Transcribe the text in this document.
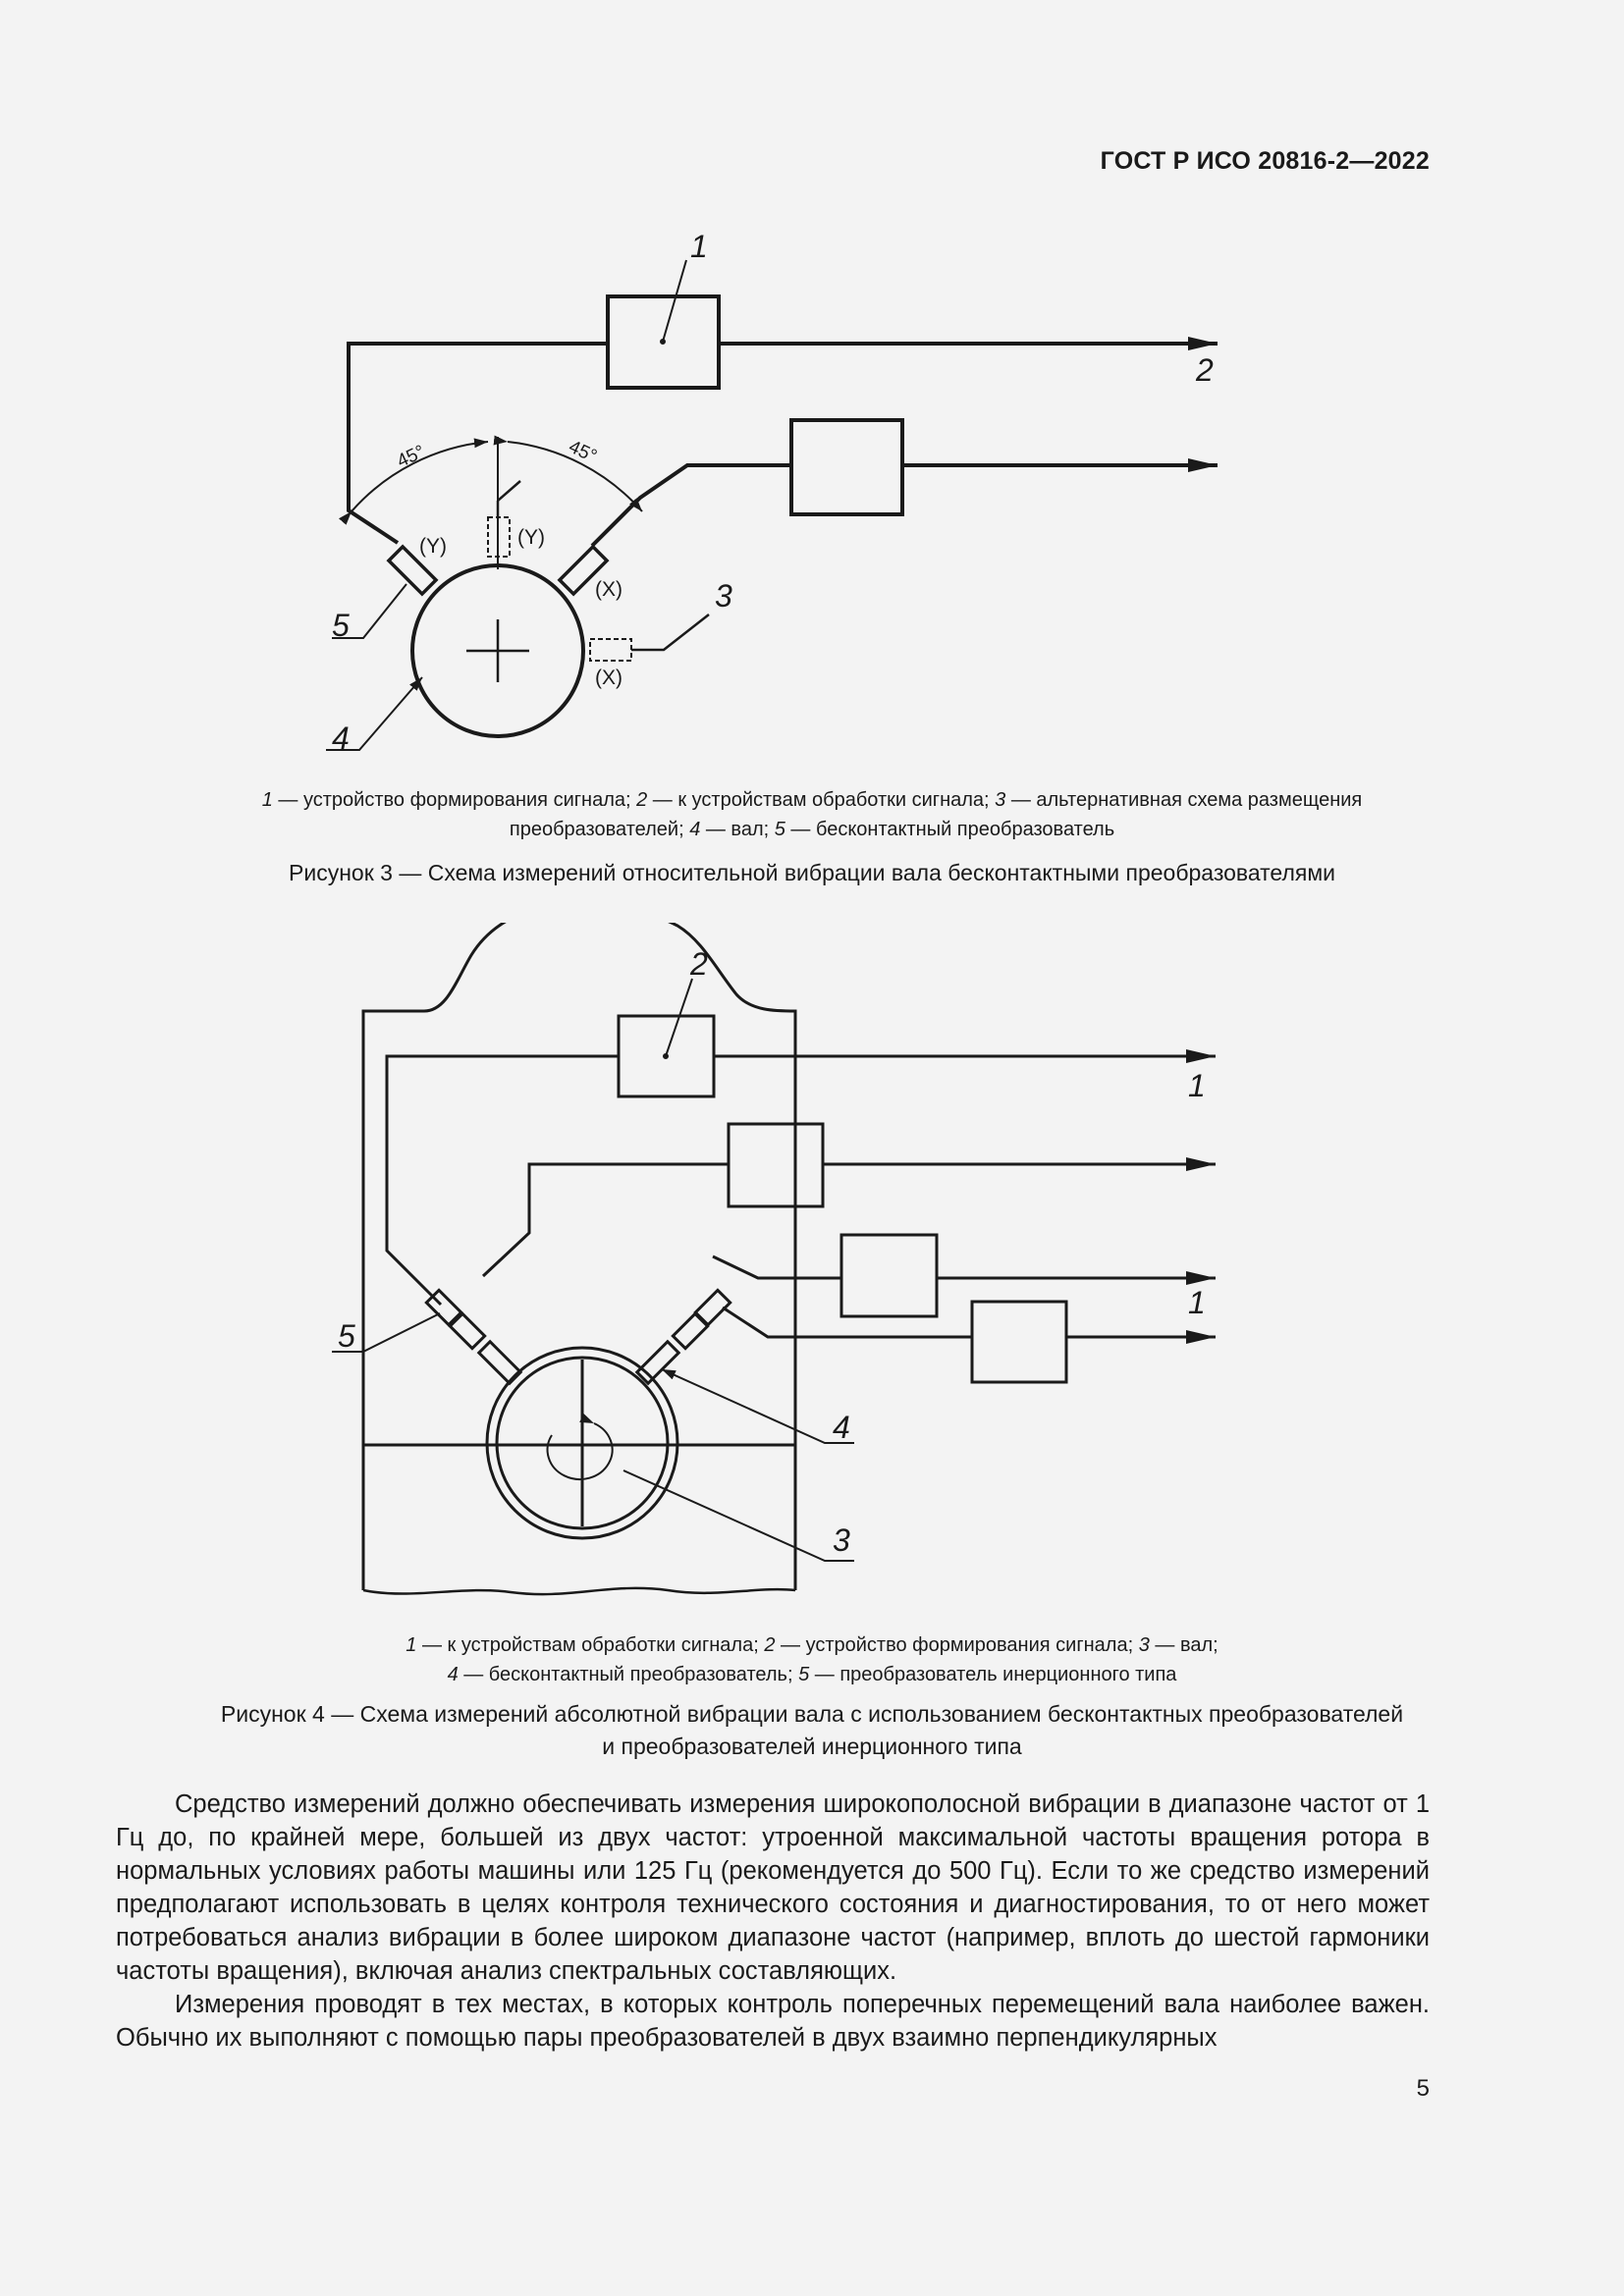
ГОСТ Р ИСО 20816-2—2022
1
2
3
4
5
(Y)	(Y)
(X)
(X)
45°	45°
1 — устройство формирования сигнала; 2 — к устройствам обработки сигнала; 3 — альтернативная схема размещения
преобразователей; 4 — вал; 5 — бесконтактный преобразователь
Рисунок 3 — Схема измерений относительной вибрации вала бесконтактными преобразователями
2
1
1
5
4
3
1 — к устройствам обработки сигнала; 2 — устройство формирования сигнала; 3 — вал;
4 — бесконтактный преобразователь; 5 — преобразователь инерционного типа
Рисунок 4 — Схема измерений абсолютной вибрации вала с использованием бесконтактных преобразователей
и преобразователей инерционного типа

Средство измерений должно обеспечивать измерения широкополосной вибрации в диапазоне частот от 1 Гц до, по крайней мере, большей из двух частот: утроенной максимальной частоты вращения ротора в нормальных условиях работы машины или 125 Гц (рекомендуется до 500 Гц). Если то же средство измерений предполагают использовать в целях контроля технического состояния и диагностирования, то от него может потребоваться анализ вибрации в более широком диапазоне частот (например, вплоть до шестой гармоники частоты вращения), включая анализ спектральных составляющих.

Измерения проводят в тех местах, в которых контроль поперечных перемещений вала наиболее важен. Обычно их выполняют с помощью пары преобразователей в двух взаимно перпендикулярных

5
